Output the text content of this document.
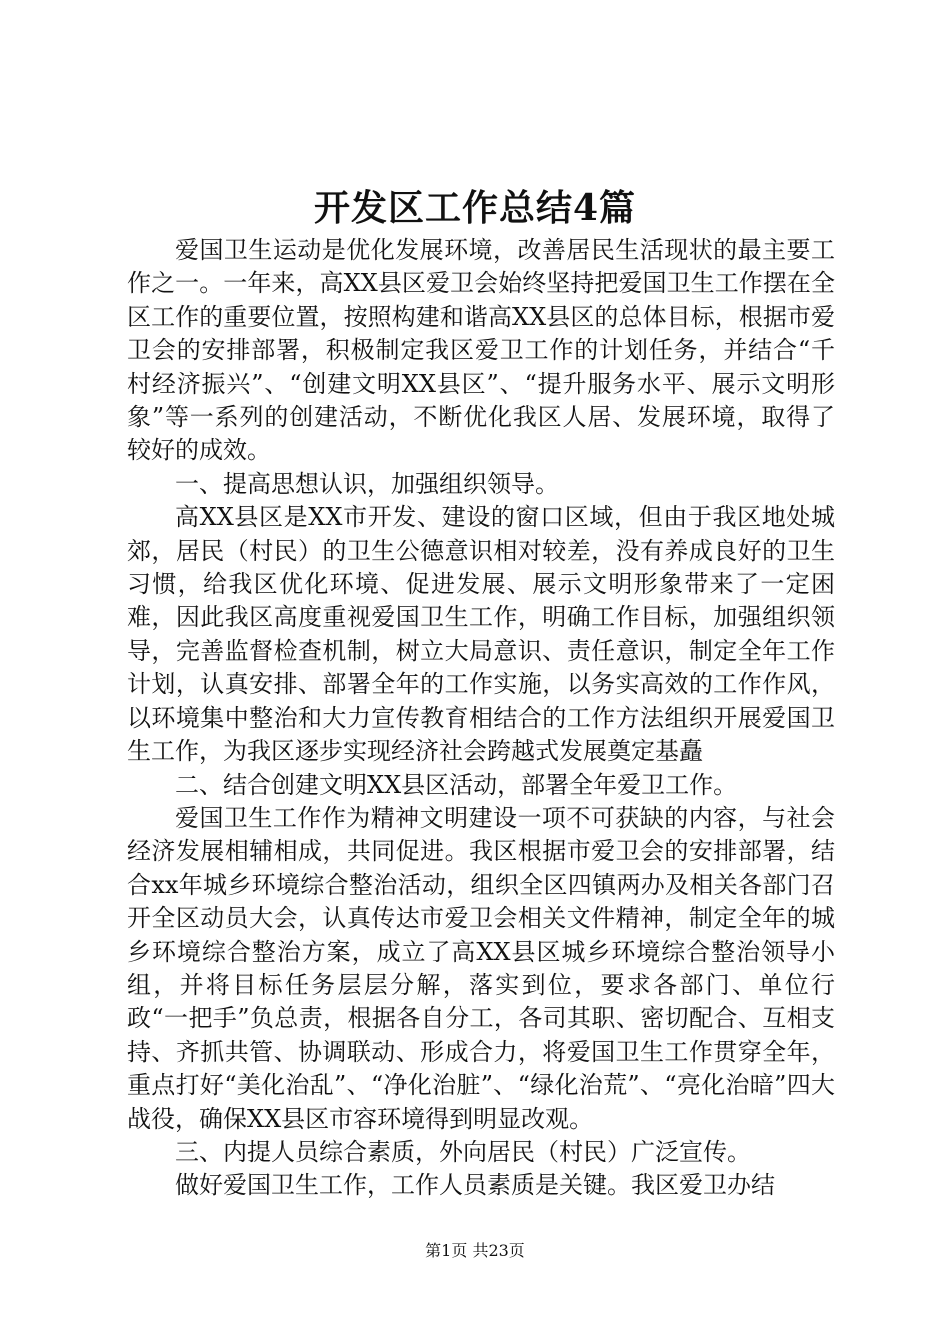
开发区工作总结4篇

爱国卫生运动是优化发展环境，改善居民生活现状的最主要工作之一。一年来，高XX县区爱卫会始终坚持把爱国卫生工作摆在全区工作的重要位置，按照构建和谐高XX县区的总体目标，根据市爱卫会的安排部署，积极制定我区爱卫工作的计划任务，并结合“千村经济振兴”、“创建文明XX县区”、“提升服务水平、展示文明形象”等一系列的创建活动，不断优化我区人居、发展环境，取得了较好的成效。

一、提高思想认识，加强组织领导。

高XX县区是XX市开发、建设的窗口区域，但由于我区地处城郊，居民（村民）的卫生公德意识相对较差，没有养成良好的卫生习惯，给我区优化环境、促进发展、展示文明形象带来了一定困难，因此我区高度重视爱国卫生工作，明确工作目标，加强组织领导，完善监督检查机制，树立大局意识、责任意识，制定全年工作计划，认真安排、部署全年的工作实施，以务实高效的工作作风，以环境集中整治和大力宣传教育相结合的工作方法组织开展爱国卫生工作，为我区逐步实现经济社会跨越式发展奠定基矗

二、结合创建文明XX县区活动，部署全年爱卫工作。

爱国卫生工作作为精神文明建设一项不可获缺的内容，与社会经济发展相辅相成，共同促进。我区根据市爱卫会的安排部署，结合xx年城乡环境综合整治活动，组织全区四镇两办及相关各部门召开全区动员大会，认真传达市爱卫会相关文件精神，制定全年的城乡环境综合整治方案，成立了高XX县区城乡环境综合整治领导小组，并将目标任务层层分解，落实到位，要求各部门、单位行政“一把手”负总责，根据各自分工，各司其职、密切配合、互相支持、齐抓共管、协调联动、形成合力，将爱国卫生工作贯穿全年，重点打好“美化治乱”、“净化治脏”、“绿化治荒”、“亮化治暗”四大战役，确保XX县区市容环境得到明显改观。

三、内提人员综合素质，外向居民（村民）广泛宣传。

做好爱国卫生工作，工作人员素质是关键。我区爱卫办结

第1页 共23页
